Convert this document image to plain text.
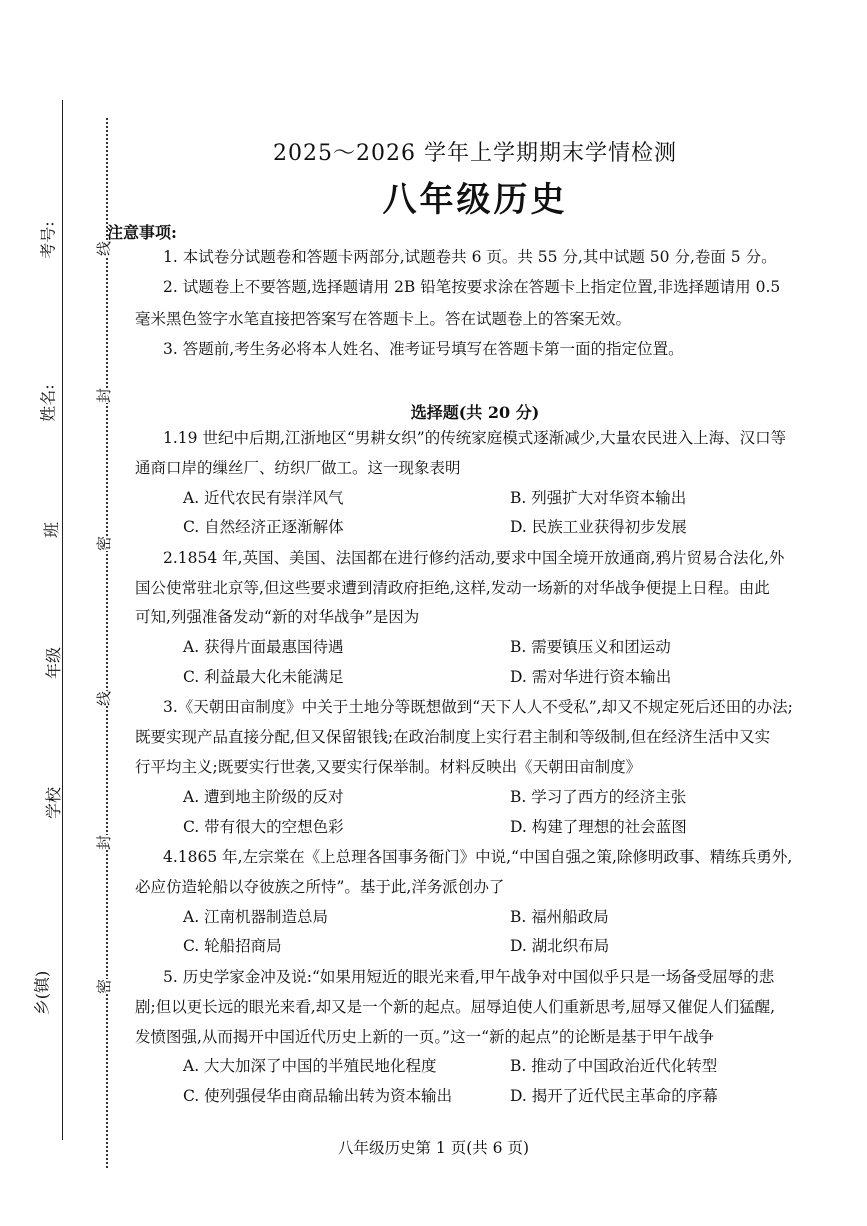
线
封
密
线
封
密
考号:
姓名:
班
年级
学校
乡(镇)
2025～2026 学年上学期期末学情检测
八年级历史
注意事项:
1. 本试卷分试题卷和答题卡两部分,试题卷共 6 页。共 55 分,其中试题 50 分,卷面 5 分。
2. 试题卷上不要答题,选择题请用 2B 铅笔按要求涂在答题卡上指定位置,非选择题请用 0.5
毫米黑色签字水笔直接把答案写在答题卡上。答在试题卷上的答案无效。
3. 答题前,考生务必将本人姓名、准考证号填写在答题卡第一面的指定位置。
选择题(共 20 分)
1.19 世纪中后期,江浙地区“男耕女织”的传统家庭模式逐渐减少,大量农民进入上海、汉口等
通商口岸的缫丝厂、纺织厂做工。这一现象表明
A. 近代农民有崇洋风气	B. 列强扩大对华资本输出
C. 自然经济正逐渐解体	D. 民族工业获得初步发展
2.1854 年,英国、美国、法国都在进行修约活动,要求中国全境开放通商,鸦片贸易合法化,外
国公使常驻北京等,但这些要求遭到清政府拒绝,这样,发动一场新的对华战争便提上日程。由此
可知,列强准备发动“新的对华战争”是因为
A. 获得片面最惠国待遇	B. 需要镇压义和团运动
C. 利益最大化未能满足	D. 需对华进行资本输出
3.《天朝田亩制度》中关于土地分等既想做到“天下人人不受私”,却又不规定死后还田的办法;
既要实现产品直接分配,但又保留银钱;在政治制度上实行君主制和等级制,但在经济生活中又实
行平均主义;既要实行世袭,又要实行保举制。材料反映出《天朝田亩制度》
A. 遭到地主阶级的反对	B. 学习了西方的经济主张
C. 带有很大的空想色彩	D. 构建了理想的社会蓝图
4.1865 年,左宗棠在《上总理各国事务衙门》中说,“中国自强之策,除修明政事、精练兵勇外,
必应仿造轮船以夺彼族之所恃”。基于此,洋务派创办了
A. 江南机器制造总局	B. 福州船政局
C. 轮船招商局	D. 湖北织布局
5. 历史学家金冲及说:“如果用短近的眼光来看,甲午战争对中国似乎只是一场备受屈辱的悲
剧;但以更长远的眼光来看,却又是一个新的起点。屈辱迫使人们重新思考,屈辱又催促人们猛醒,
发愤图强,从而揭开中国近代历史上新的一页。”这一“新的起点”的论断是基于甲午战争
A. 大大加深了中国的半殖民地化程度	B. 推动了中国政治近代化转型
C. 使列强侵华由商品输出转为资本输出	D. 揭开了近代民主革命的序幕
八年级历史第 1 页(共 6 页)
